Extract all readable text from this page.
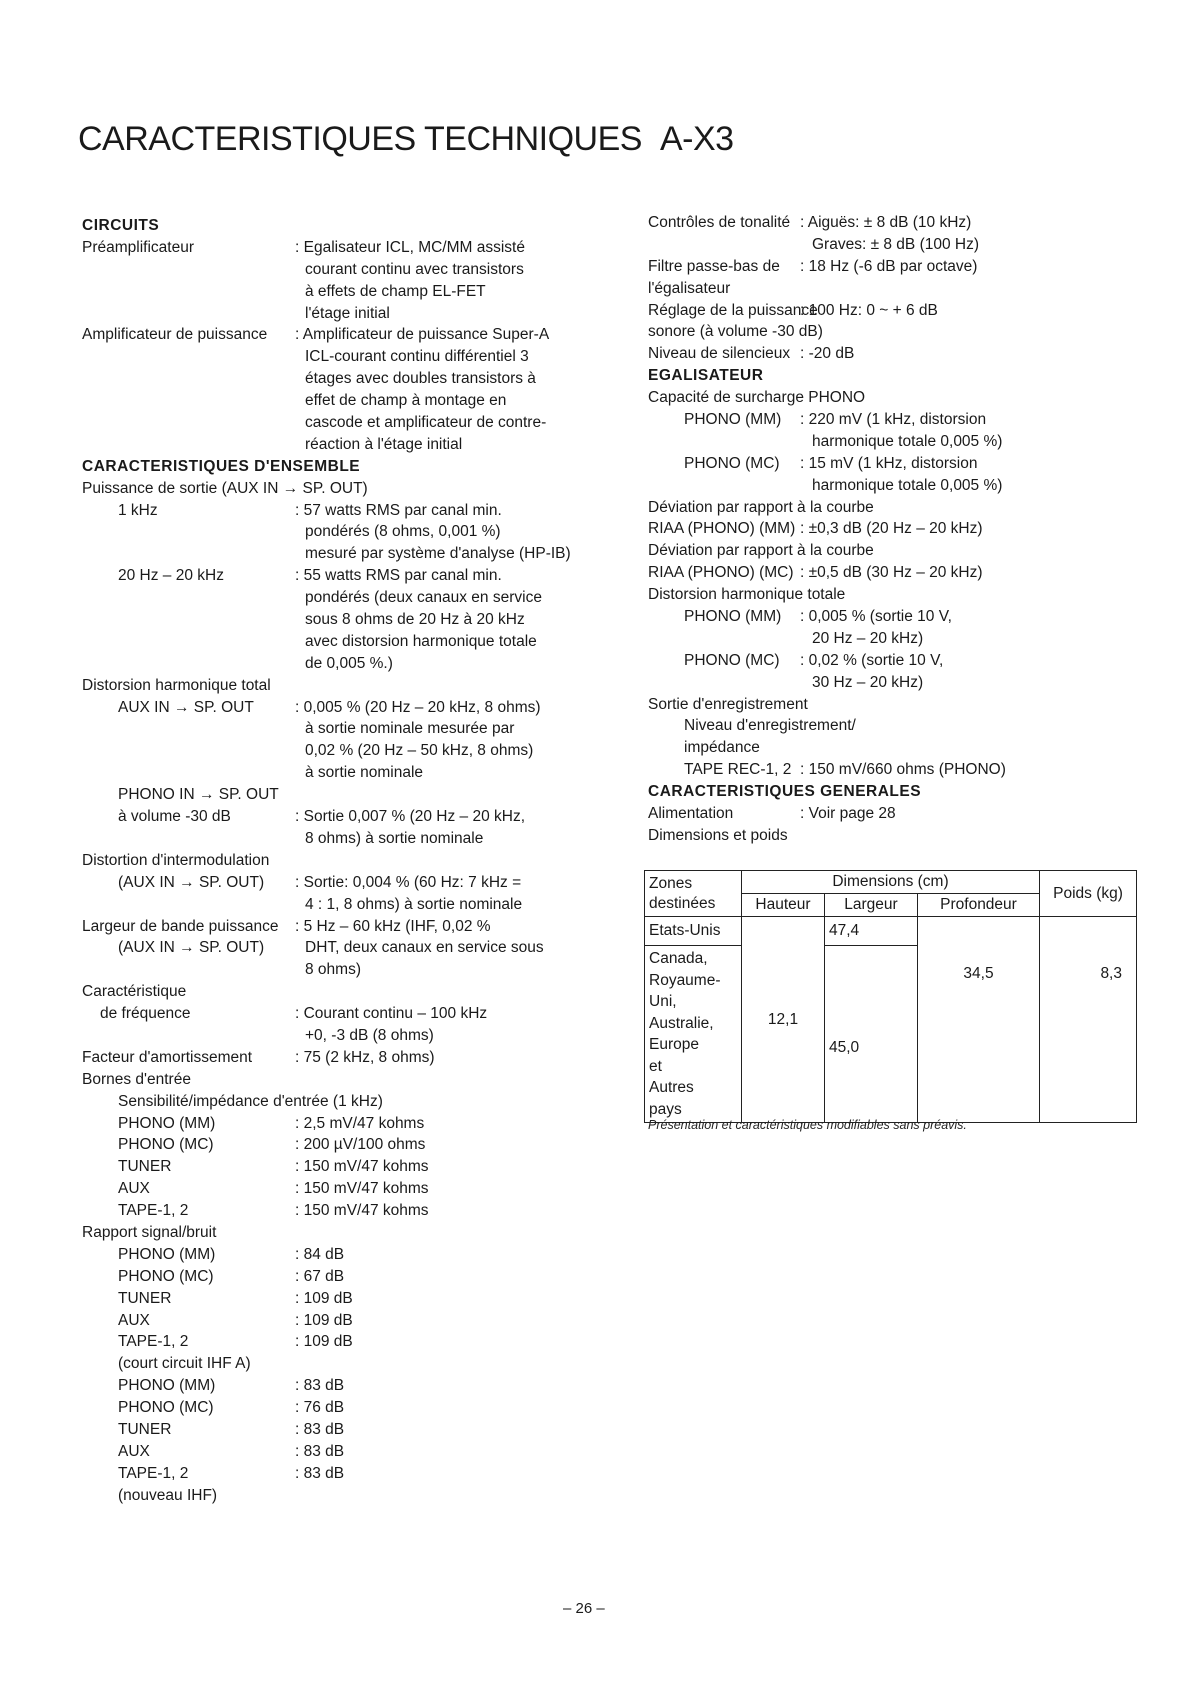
CARACTERISTIQUES TECHNIQUES A-X3
CIRCUITS
Préamplificateur	: Egalisateur ICL, MC/MM assisté
courant continu avec transistors
à effets de champ EL-FET
l'étage initial
Amplificateur de puissance : Amplificateur de puissance Super-A
ICL-courant continu différentiel 3
étages avec doubles transistors à
effet de champ à montage en
cascode et amplificateur de contre-
réaction à l'étage initial
CARACTERISTIQUES D'ENSEMBLE
Puissance de sortie (AUX IN → SP. OUT)
1 kHz	: 57 watts RMS par canal min.
pondérés (8 ohms, 0,001 %)
mesuré par système d'analyse (HP-IB)
20 Hz – 20 kHz	: 55 watts RMS par canal min.
pondérés (deux canaux en service
sous 8 ohms de 20 Hz à 20 kHz
avec distorsion harmonique totale
de 0,005 %.)
Distorsion harmonique total
AUX IN → SP. OUT	: 0,005 % (20 Hz – 20 kHz, 8 ohms)
à sortie nominale mesurée par
0,02 % (20 Hz – 50 kHz, 8 ohms)
à sortie nominale
PHONO IN → SP. OUT
à volume -30 dB	: Sortie 0,007 % (20 Hz – 20 kHz,
8 ohms) à sortie nominale
Distortion d'intermodulation
(AUX IN → SP. OUT) : Sortie: 0,004 % (60 Hz: 7 kHz =
4 : 1, 8 ohms) à sortie nominale
Largeur de bande puissance : 5 Hz – 60 kHz (IHF, 0,02 %
(AUX IN → SP. OUT)	DHT, deux canaux en service sous
8 ohms)
Caractéristique
de fréquence	: Courant continu – 100 kHz
+0, -3 dB (8 ohms)
Facteur d'amortissement	: 75 (2 kHz, 8 ohms)
Bornes d'entrée
Sensibilité/impédance d'entrée (1 kHz)
PHONO (MM)	: 2,5 mV/47 kohms
PHONO (MC)	: 200 µV/100 ohms
TUNER	: 150 mV/47 kohms
AUX	: 150 mV/47 kohms
TAPE-1, 2	: 150 mV/47 kohms
Rapport signal/bruit
PHONO (MM)	: 84 dB
PHONO (MC)	: 67 dB
TUNER	: 109 dB
AUX	: 109 dB
TAPE-1, 2	: 109 dB
(court circuit IHF A)
PHONO (MM)	: 83 dB
PHONO (MC)	: 76 dB
TUNER	: 83 dB
AUX	: 83 dB
TAPE-1, 2	: 83 dB
(nouveau IHF)
Contrôles de tonalité : Aiguës: ± 8 dB (10 kHz)
Graves: ± 8 dB (100 Hz)
Filtre passe-bas de : 18 Hz (-6 dB par octave)
l'égalisateur
Réglage de la puissance
: 100 Hz: 0 ~ + 6 dB
sonore (à volume -30 dB)
Niveau de silencieux : -20 dB
EGALISATEUR
Capacité de surcharge PHONO
PHONO (MM) : 220 mV (1 kHz, distorsion
harmonique totale 0,005 %)
PHONO (MC) : 15 mV (1 kHz, distorsion
harmonique totale 0,005 %)
Déviation par rapport à la courbe
RIAA (PHONO) (MM) : ±0,3 dB (20 Hz – 20 kHz)
Déviation par rapport à la courbe
RIAA (PHONO) (MC) : ±0,5 dB (30 Hz – 20 kHz)
Distorsion harmonique totale
PHONO (MM) : 0,005 % (sortie 10 V,
20 Hz – 20 kHz)
PHONO (MC) : 0,02 % (sortie 10 V,
30 Hz – 20 kHz)
Sortie d'enregistrement
Niveau d'enregistrement/
impédance
TAPE REC-1, 2 : 150 mV/660 ohms (PHONO)
CARACTERISTIQUES GENERALES
Alimentation	: Voir page 28
Dimensions et poids
Zones destinées	Dimensions (cm)			Poids (kg)
	Hauteur	Largeur	Profondeur	
Etats-Unis	12,1	47,4	34,5	8,3
Canada, Royaume-Uni, Australie, Europe et Autres pays		45,0		
Présentation et caractéristiques modifiables sans préavis.
– 26 –
